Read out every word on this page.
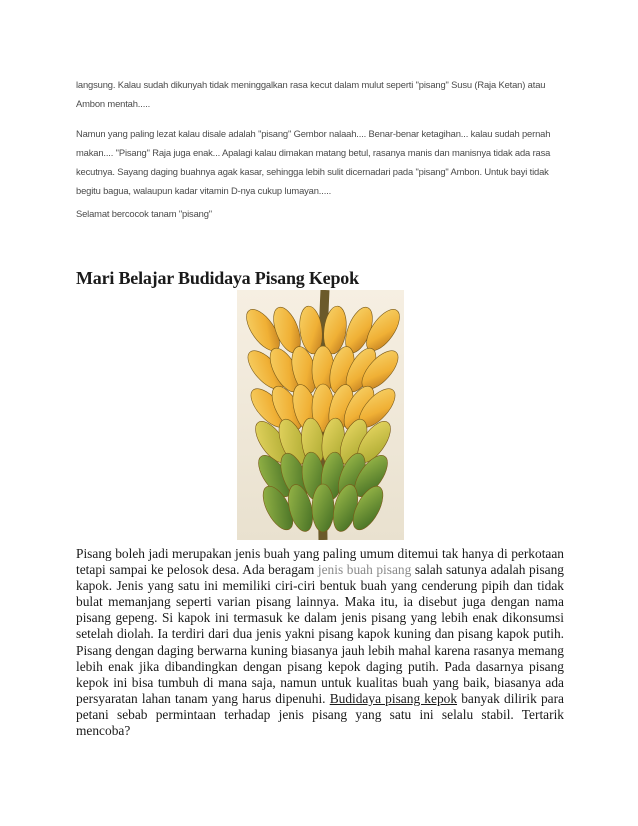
langsung. Kalau sudah dikunyah tidak meninggalkan rasa kecut dalam mulut seperti "pisang" Susu (Raja Ketan) atau Ambon mentah.....
Namun yang paling lezat kalau disale adalah "pisang" Gembor nalaah.... Benar-benar ketagihan... kalau sudah pernah makan.... "Pisang" Raja juga enak... Apalagi kalau dimakan matang betul, rasanya manis dan manisnya tidak ada rasa kecutnya. Sayang daging buahnya agak kasar, sehingga lebih sulit dicernadari pada "pisang" Ambon. Untuk bayi tidak begitu bagua, walaupun kadar vitamin D-nya cukup lumayan.....
Selamat bercocok tanam "pisang"
Mari Belajar Budidaya Pisang Kepok
Pisang boleh jadi merupakan jenis buah yang paling umum ditemui tak hanya di perkotaan tetapi sampai ke pelosok desa. Ada beragam jenis buah pisang salah satunya adalah pisang kapok. Jenis yang satu ini memiliki ciri-ciri bentuk buah yang cenderung pipih dan tidak bulat memanjang seperti varian pisang lainnya. Maka itu, ia disebut juga dengan nama pisang gepeng. Si kapok ini termasuk ke dalam jenis pisang yang lebih enak dikonsumsi setelah diolah. Ia terdiri dari dua jenis yakni pisang kapok kuning dan pisang kapok putih. Pisang dengan daging berwarna kuning biasanya jauh lebih mahal karena rasanya memang lebih enak jika dibandingkan dengan pisang kepok daging putih. Pada dasarnya pisang kepok ini bisa tumbuh di mana saja, namun untuk kualitas buah yang baik, biasanya ada persyaratan lahan tanam yang harus dipenuhi. Budidaya pisang kepok banyak dilirik para petani sebab permintaan terhadap jenis pisang yang satu ini selalu stabil. Tertarik mencoba?
